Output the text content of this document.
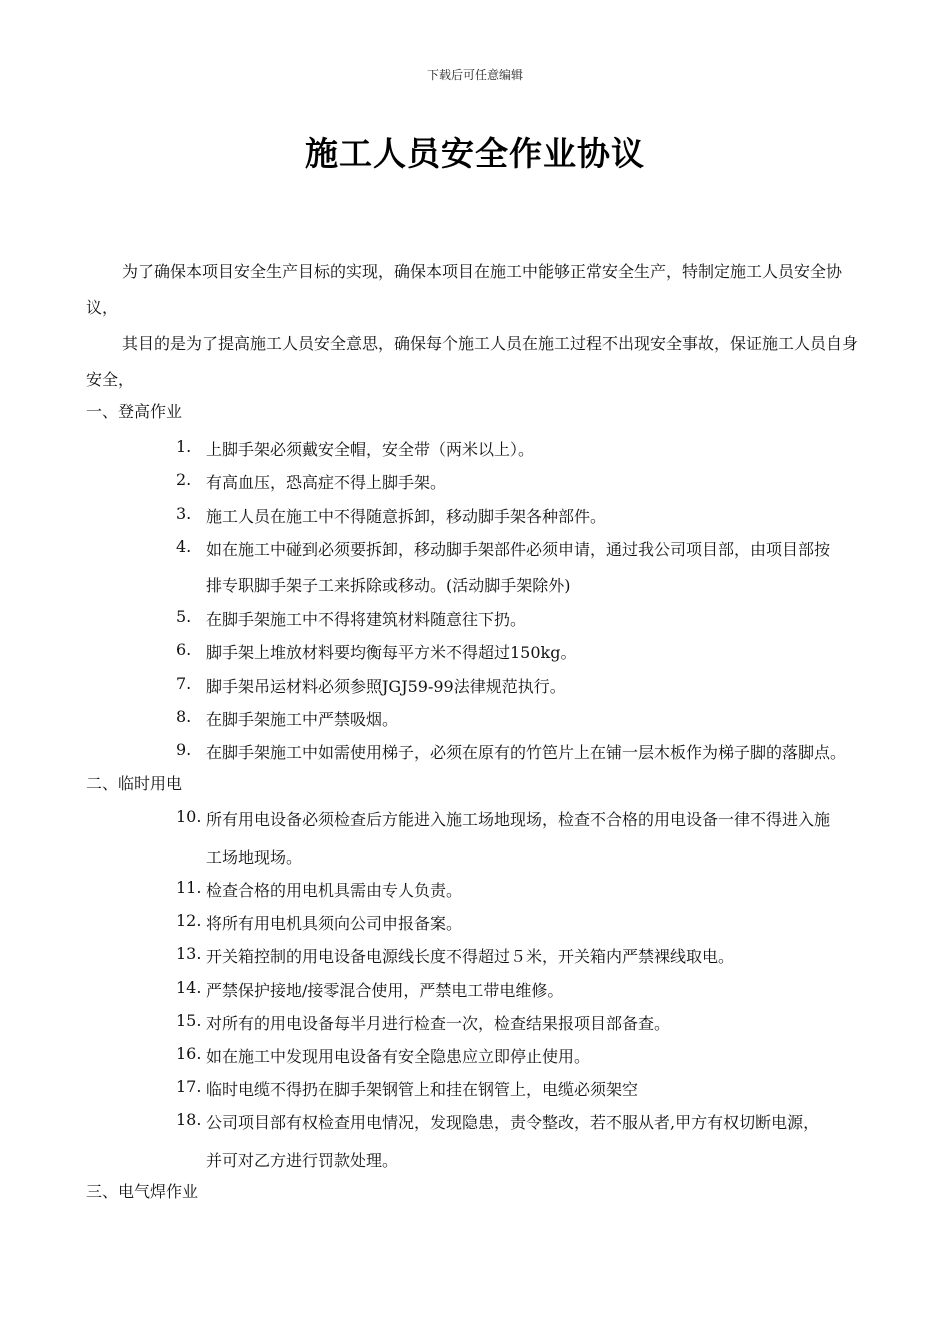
下载后可任意编辑
施工人员安全作业协议
为了确保本项目安全生产目标的实现，确保本项目在施工中能够正常安全生产，特制定施工人员安全协议，
其目的是为了提高施工人员安全意思，确保每个施工人员在施工过程不出现安全事故，保证施工人员自身安全，
一、登高作业
1. 上脚手架必须戴安全帽，安全带（两米以上）。
2. 有高血压，恐高症不得上脚手架。
3. 施工人员在施工中不得随意拆卸，移动脚手架各种部件。
4. 如在施工中碰到必须要拆卸，移动脚手架部件必须申请，通过我公司项目部，由项目部按
排专职脚手架子工来拆除或移动。(活动脚手架除外)
5. 在脚手架施工中不得将建筑材料随意往下扔。
6. 脚手架上堆放材料要均衡每平方米不得超过150kg。
7. 脚手架吊运材料必须参照JGJ59-99法律规范执行。
8. 在脚手架施工中严禁吸烟。
9. 在脚手架施工中如需使用梯子，必须在原有的竹笆片上在铺一层木板作为梯子脚的落脚点。
二、临时用电
10. 所有用电设备必须检查后方能进入施工场地现场，检查不合格的用电设备一律不得进入施
工场地现场。
11. 检查合格的用电机具需由专人负责。
12. 将所有用电机具须向公司申报备案。
13. 开关箱控制的用电设备电源线长度不得超过５米，开关箱内严禁裸线取电。
14. 严禁保护接地/接零混合使用，严禁电工带电维修。
15. 对所有的用电设备每半月进行检查一次，检查结果报项目部备查。
16. 如在施工中发现用电设备有安全隐患应立即停止使用。
17. 临时电缆不得扔在脚手架钢管上和挂在钢管上，电缆必须架空
18. 公司项目部有权检查用电情况，发现隐患，责令整改，若不服从者,甲方有权切断电源，
并可对乙方进行罚款处理。
三、电气焊作业
